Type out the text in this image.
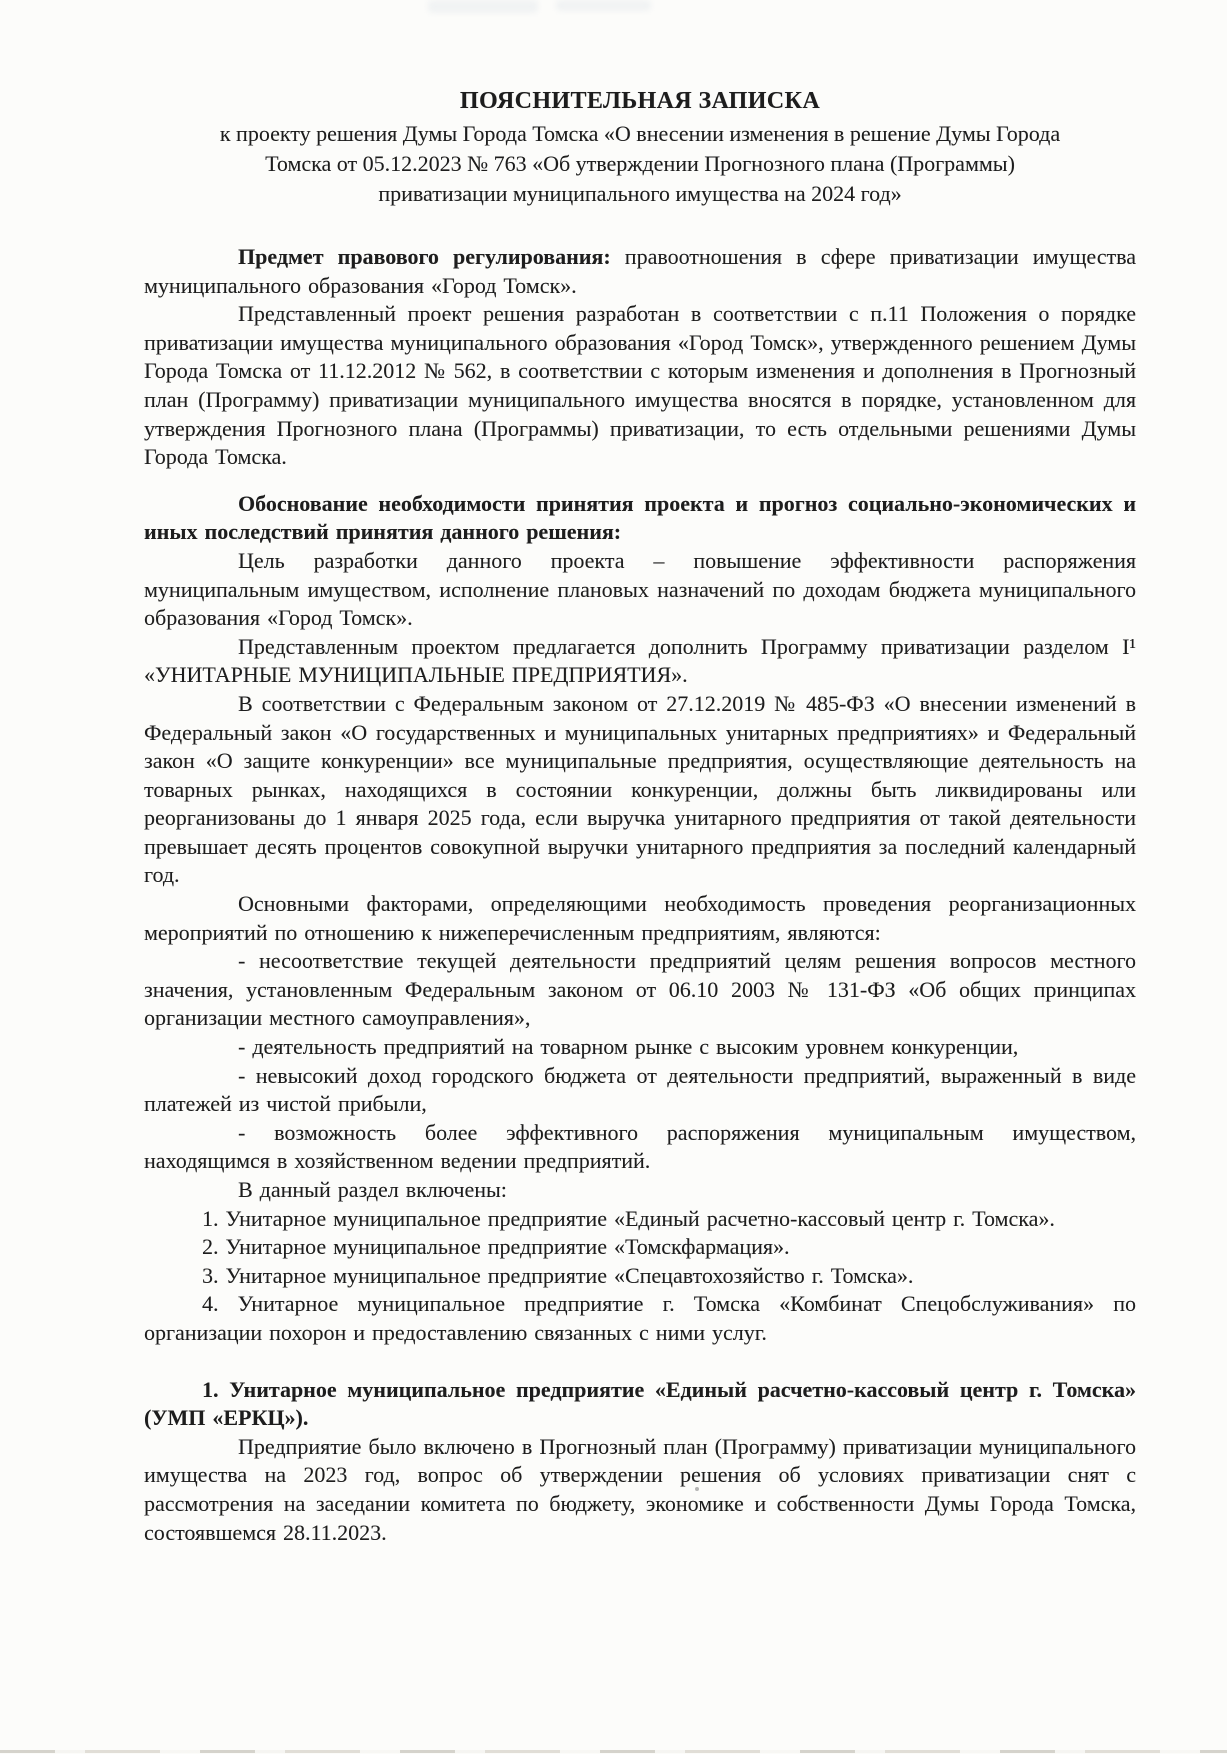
ПОЯСНИТЕЛЬНАЯ ЗАПИСКА
к проекту решения Думы Города Томска «О внесении изменения в решение Думы Города Томска от 05.12.2023 № 763 «Об утверждении Прогнозного плана (Программы) приватизации муниципального имущества на 2024 год»

Предмет правового регулирования: правоотношения в сфере приватизации имущества муниципального образования «Город Томск».

Представленный проект решения разработан в соответствии с п.11 Положения о порядке приватизации имущества муниципального образования «Город Томск», утвержденного решением Думы Города Томска от 11.12.2012 № 562, в соответствии с которым изменения и дополнения в Прогнозный план (Программу) приватизации муниципального имущества вносятся в порядке, установленном для утверждения Прогнозного плана (Программы) приватизации, то есть отдельными решениями Думы Города Томска.

Обоснование необходимости принятия проекта и прогноз социально-экономических и иных последствий принятия данного решения:

Цель разработки данного проекта – повышение эффективности распоряжения муниципальным имуществом, исполнение плановых назначений по доходам бюджета муниципального образования «Город Томск».

Представленным проектом предлагается дополнить Программу приватизации разделом I¹ «УНИТАРНЫЕ МУНИЦИПАЛЬНЫЕ ПРЕДПРИЯТИЯ».

В соответствии с Федеральным законом от 27.12.2019 № 485-ФЗ «О внесении изменений в Федеральный закон «О государственных и муниципальных унитарных предприятиях» и Федеральный закон «О защите конкуренции» все муниципальные предприятия, осуществляющие деятельность на товарных рынках, находящихся в состоянии конкуренции, должны быть ликвидированы или реорганизованы до 1 января 2025 года, если выручка унитарного предприятия от такой деятельности превышает десять процентов совокупной выручки унитарного предприятия за последний календарный год.

Основными факторами, определяющими необходимость проведения реорганизационных мероприятий по отношению к нижеперечисленным предприятиям, являются:

- несоответствие текущей деятельности предприятий целям решения вопросов местного значения, установленным Федеральным законом от 06.10 2003 № 131-ФЗ «Об общих принципах организации местного самоуправления»,

- деятельность предприятий на товарном рынке с высоким уровнем конкуренции,

- невысокий доход городского бюджета от деятельности предприятий, выраженный в виде платежей из чистой прибыли,

- возможность более эффективного распоряжения муниципальным имуществом, находящимся в хозяйственном ведении предприятий.

В данный раздел включены:

1. Унитарное муниципальное предприятие «Единый расчетно-кассовый центр г. Томска».

2. Унитарное муниципальное предприятие «Томскфармация».

3. Унитарное муниципальное предприятие «Спецавтохозяйство г. Томска».

4. Унитарное муниципальное предприятие г. Томска «Комбинат Спецобслуживания» по организации похорон и предоставлению связанных с ними услуг.

1. Унитарное муниципальное предприятие «Единый расчетно-кассовый центр г. Томска» (УМП «ЕРКЦ»).

Предприятие было включено в Прогнозный план (Программу) приватизации муниципального имущества на 2023 год, вопрос об утверждении решения об условиях приватизации снят с рассмотрения на заседании комитета по бюджету, экономике и собственности Думы Города Томска, состоявшемся 28.11.2023.
